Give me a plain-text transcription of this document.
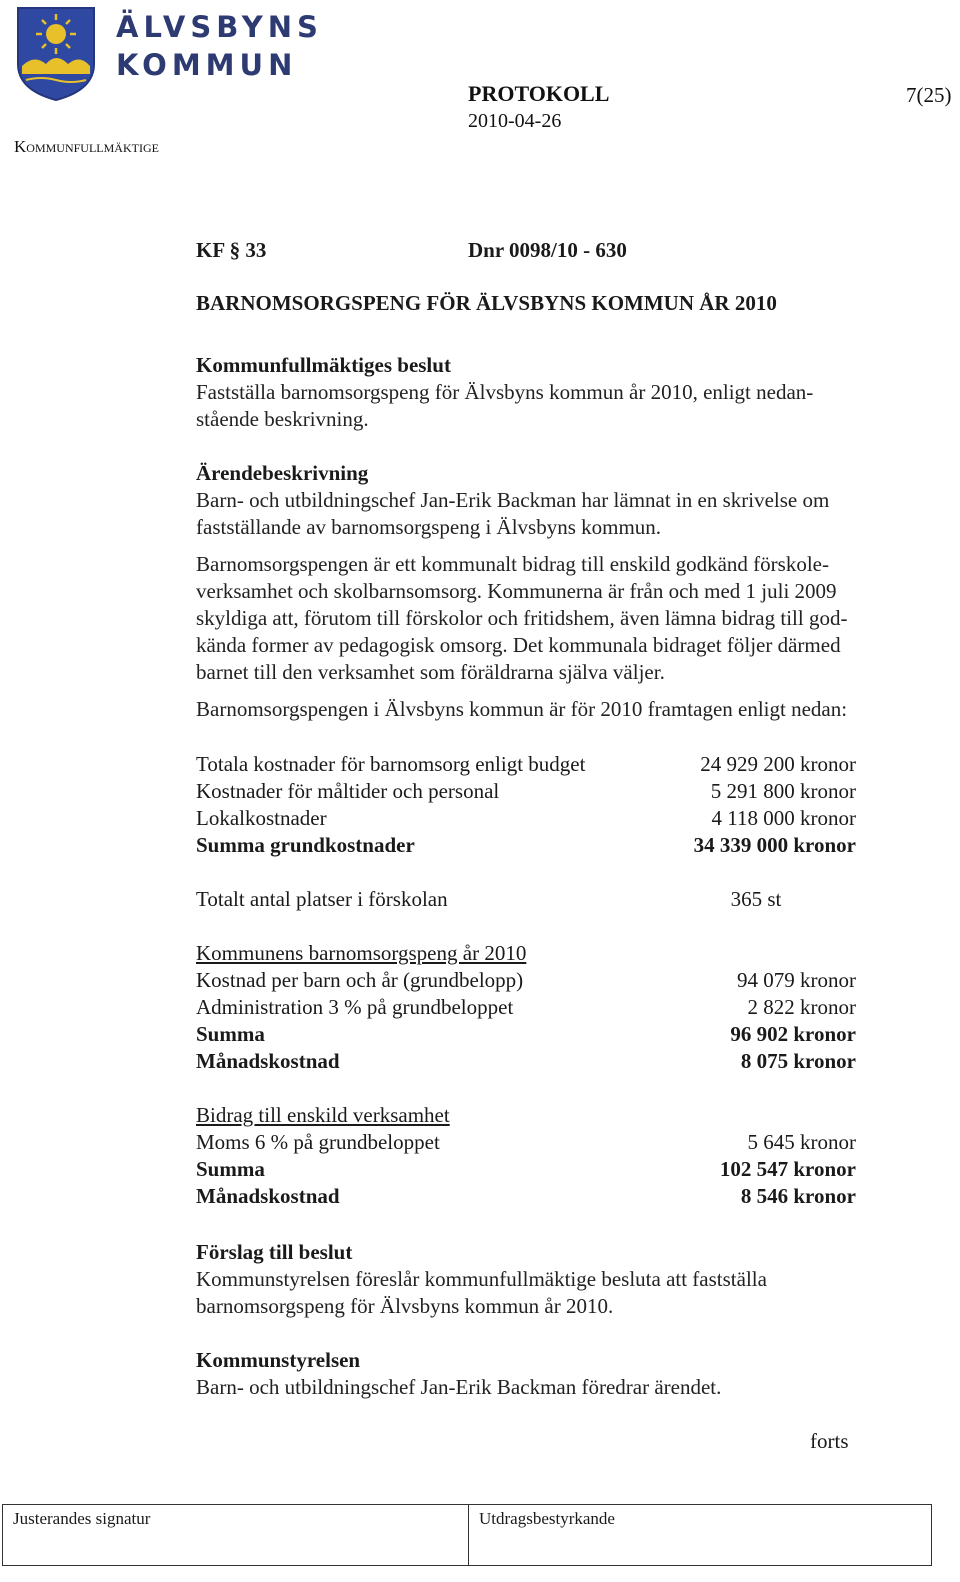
ÄLVSBYNS
KOMMUN
PROTOKOLL	7(25)
2010-04-26
Kommunfullmäktige
KF § 33	Dnr 0098/10 - 630
BARNOMSORGSPENG FÖR ÄLVSBYNS KOMMUN ÅR 2010
Kommunfullmäktiges beslut
Fastställa barnomsorgspeng för Älvsbyns kommun år 2010, enligt nedan-
stående beskrivning.
Ärendebeskrivning
Barn- och utbildningschef Jan-Erik Backman har lämnat in en skrivelse om
fastställande av barnomsorgspeng i Älvsbyns kommun.
Barnomsorgspengen är ett kommunalt bidrag till enskild godkänd förskole-
verksamhet och skolbarnsomsorg. Kommunerna är från och med 1 juli 2009
skyldiga att, förutom till förskolor och fritidshem, även lämna bidrag till god-
kända former av pedagogisk omsorg. Det kommunala bidraget följer därmed
barnet till den verksamhet som föräldrarna själva väljer.
Barnomsorgspengen i Älvsbyns kommun är för 2010 framtagen enligt nedan:
Totala kostnader för barnomsorg enligt budget	24 929 200 kronor
Kostnader för måltider och personal	5 291 800 kronor
Lokalkostnader	4 118 000 kronor
Summa grundkostnader	34 339 000 kronor
Totalt antal platser i förskolan	365 st
Kommunens barnomsorgspeng år 2010
Kostnad per barn och år (grundbelopp)	94 079 kronor
Administration 3 % på grundbeloppet	2 822 kronor
Summa	96 902 kronor
Månadskostnad	8 075 kronor
Bidrag till enskild verksamhet
Moms 6 % på grundbeloppet	5 645 kronor
Summa	102 547 kronor
Månadskostnad	8 546 kronor
Förslag till beslut
Kommunstyrelsen föreslår kommunfullmäktige besluta att fastställa
barnomsorgspeng för Älvsbyns kommun år 2010.
Kommunstyrelsen
Barn- och utbildningschef Jan-Erik Backman föredrar ärendet.
forts
Justerandes signatur	Utdragsbestyrkande
